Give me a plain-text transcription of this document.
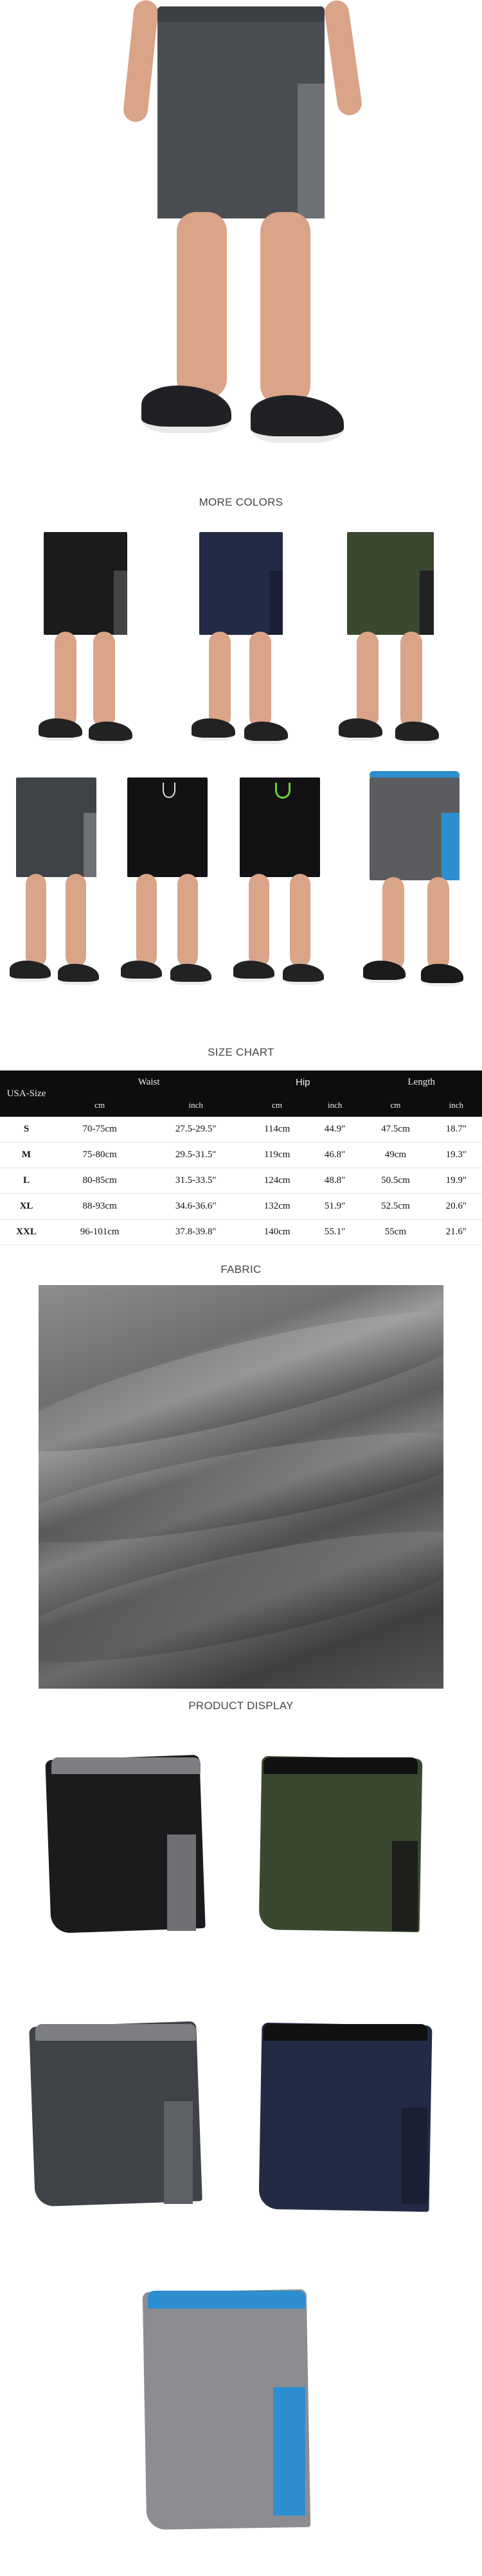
MORE COLORS
SIZE CHART
USA-Size	Waist		Hip		Length	
	cm	inch	cm	inch	cm	inch
S	70-75cm	27.5-29.5″	114cm	44.9″	47.5cm	18.7″
M	75-80cm	29.5-31.5″	119cm	46.8″	49cm	19.3″
L	80-85cm	31.5-33.5″	124cm	48.8″	50.5cm	19.9″
XL	88-93cm	34.6-36.6″	132cm	51.9″	52.5cm	20.6″
XXL	96-101cm	37.8-39.8″	140cm	55.1″	55cm	21.6″
FABRIC
PRODUCT DISPLAY
